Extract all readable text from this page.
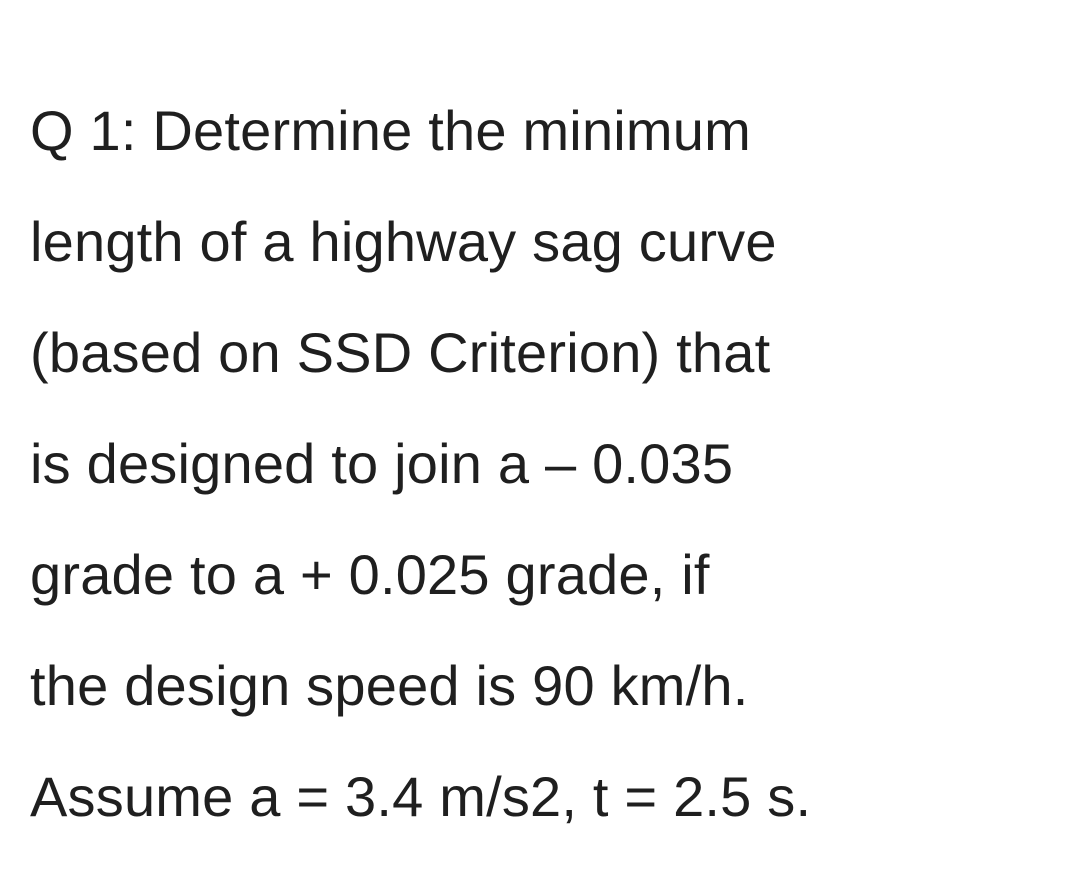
Q 1: Determine the minimum
length of a highway sag curve
(based on SSD Criterion) that
is designed to join a – 0.035
grade to a + 0.025 grade, if
the design speed is 90 km/h.
Assume a = 3.4 m/s2, t = 2.5 s.
